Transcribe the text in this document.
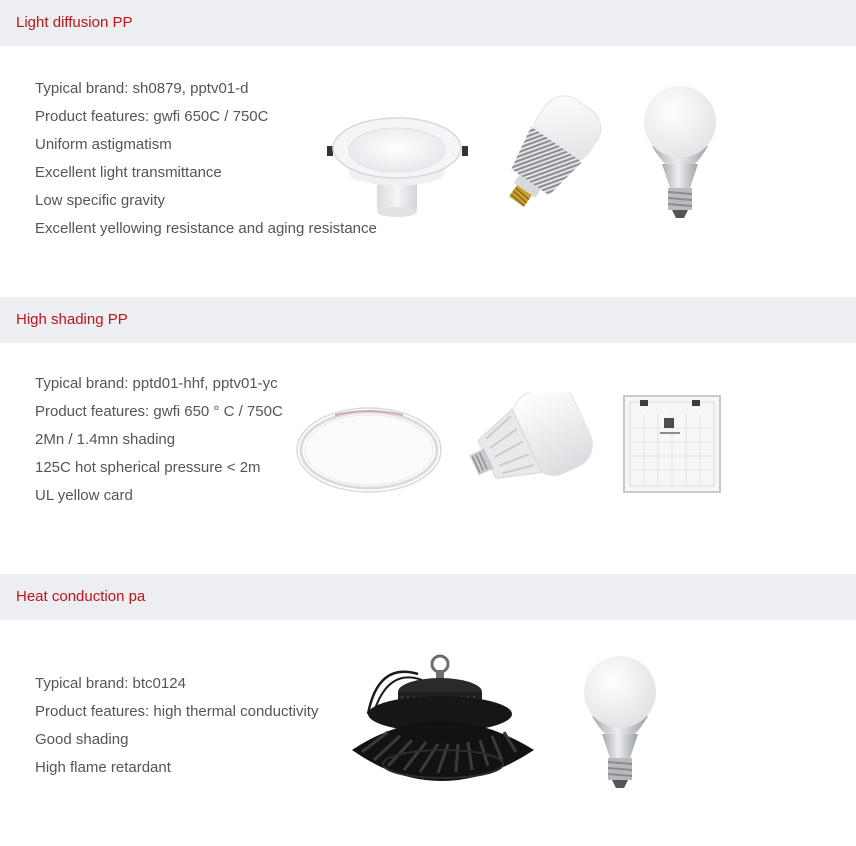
Light diffusion PP
Typical brand: sh0879, pptv01-d
Product features: gwfi 650C / 750C
Uniform astigmatism
Excellent light transmittance
Low specific gravity
Excellent yellowing resistance and aging resistance
High shading PP
Typical brand: pptd01-hhf, pptv01-yc
Product features: gwfi 650 ° C / 750C
2Mn / 1.4mn shading
125C hot spherical pressure < 2m
UL yellow card
Heat conduction pa
Typical brand: btc0124
Product features: high thermal conductivity
Good shading
High flame retardant
